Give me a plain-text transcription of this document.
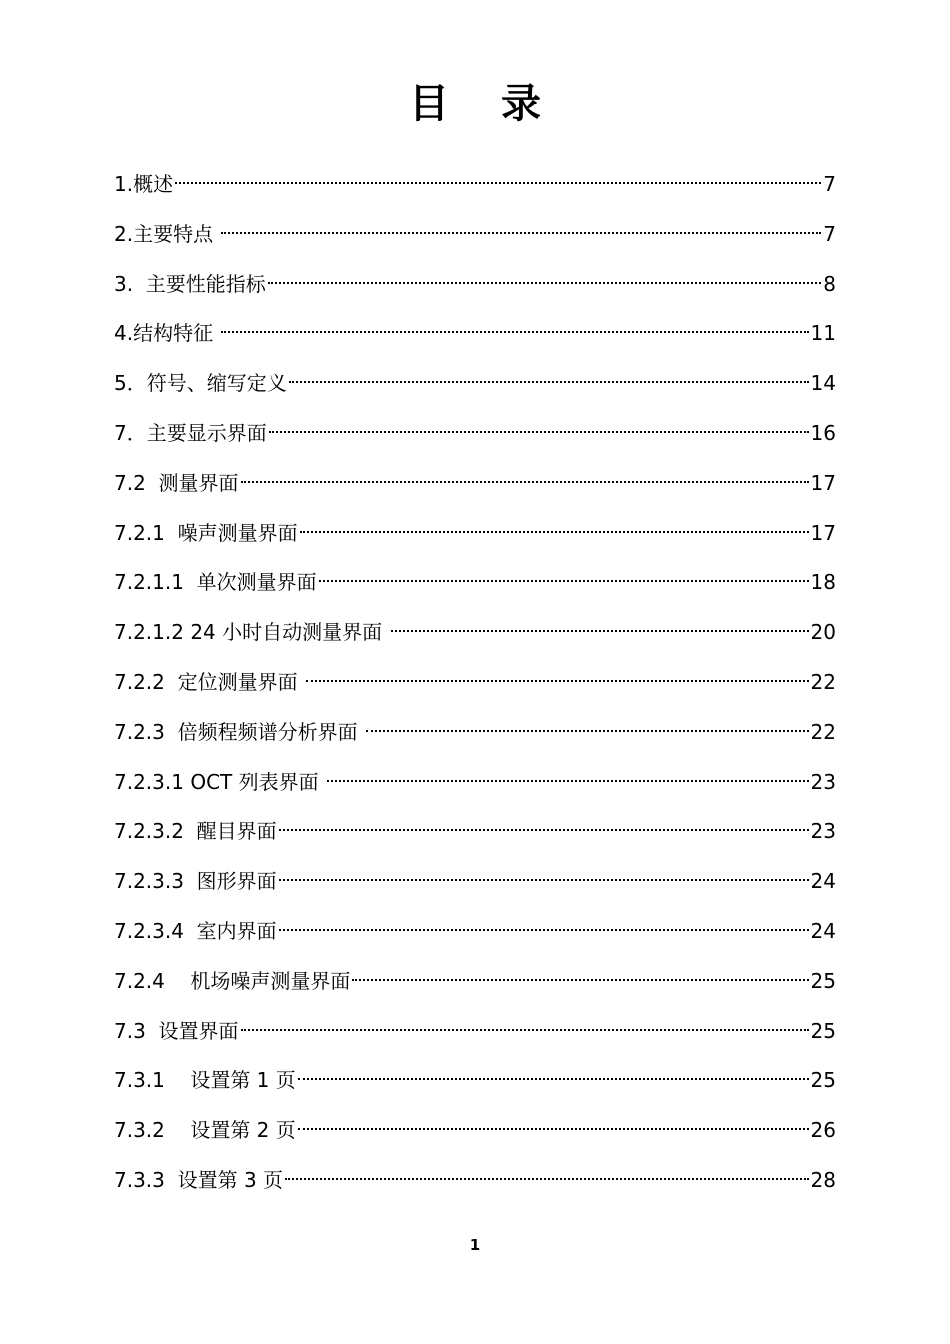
目 录
1.概述	7
2.主要特点	7
3.  主要性能指标	8
4.结构特征	11
5．符号、缩写定义	14
7．主要显示界面	16
7.2  测量界面	17
7.2.1  噪声测量界面	17
7.2.1.1  单次测量界面	18
7.2.1.2 24 小时自动测量界面	20
7.2.2  定位测量界面	22
7.2.3  倍频程频谱分析界面	22
7.2.3.1 OCT 列表界面	23
7.2.3.2  醒目界面	23
7.2.3.3  图形界面	24
7.2.3.4  室内界面	24
7.2.4    机场噪声测量界面	25
7.3  设置界面	25
7.3.1    设置第 1 页	25
7.3.2    设置第 2 页	26
7.3.3  设置第 3 页	28
1
